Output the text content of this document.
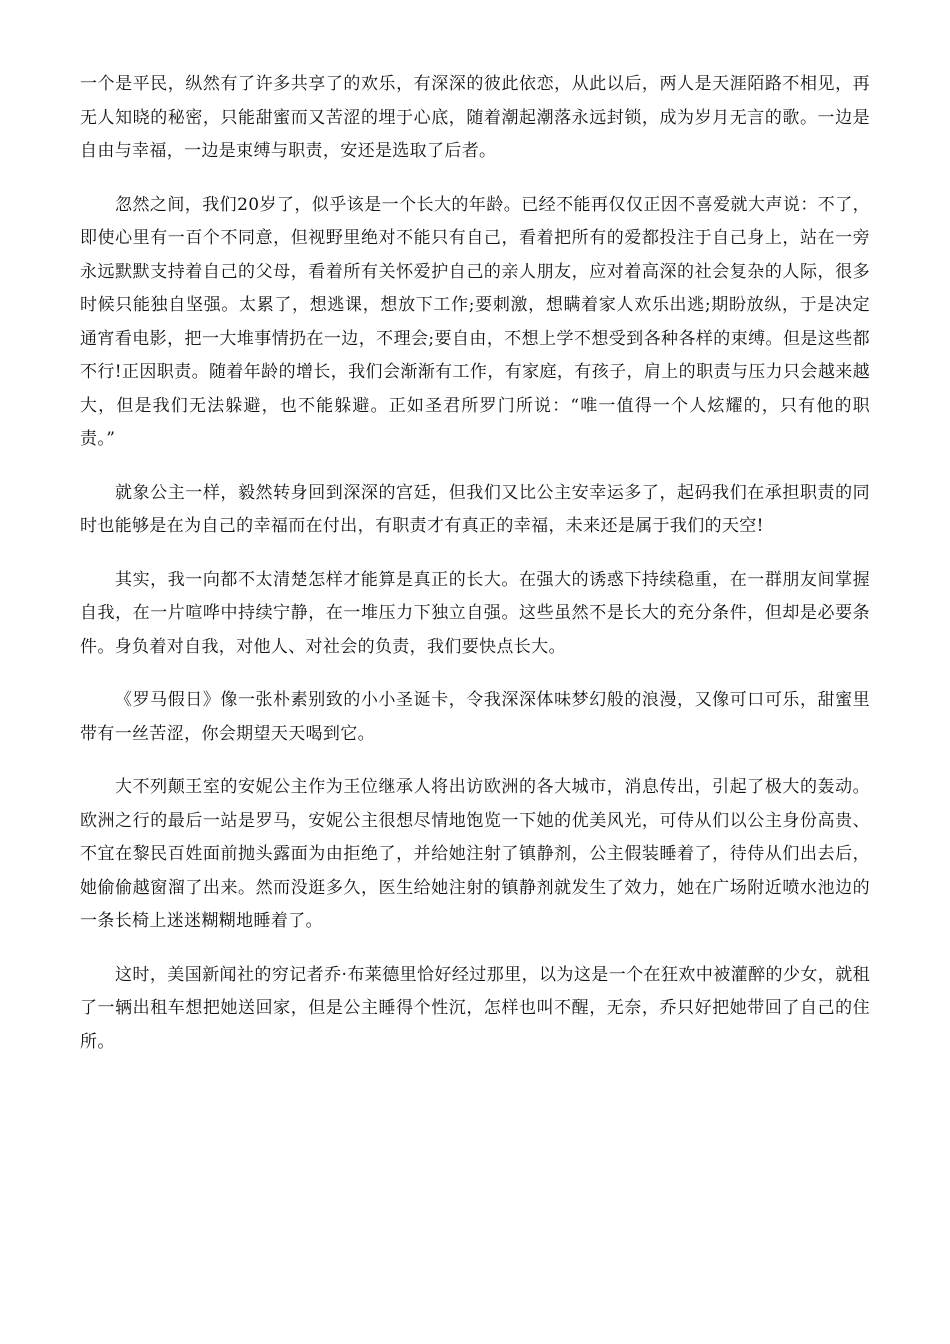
一个是平民，纵然有了许多共享了的欢乐，有深深的彼此依恋，从此以后，两人是天涯陌路不相见，再无人知晓的秘密，只能甜蜜而又苦涩的埋于心底，随着潮起潮落永远封锁，成为岁月无言的歌。一边是自由与幸福，一边是束缚与职责，安还是选取了后者。

忽然之间，我们20岁了，似乎该是一个长大的年龄。已经不能再仅仅正因不喜爱就大声说：不了，即使心里有一百个不同意，但视野里绝对不能只有自己，看着把所有的爱都投注于自己身上，站在一旁永远默默支持着自己的父母，看着所有关怀爱护自己的亲人朋友，应对着高深的社会复杂的人际，很多时候只能独自坚强。太累了，想逃课，想放下工作;要刺激，想瞒着家人欢乐出逃;期盼放纵，于是决定通宵看电影，把一大堆事情扔在一边，不理会;要自由，不想上学不想受到各种各样的束缚。但是这些都不行!正因职责。随着年龄的增长，我们会渐渐有工作，有家庭，有孩子，肩上的职责与压力只会越来越大，但是我们无法躲避，也不能躲避。正如圣君所罗门所说：“唯一值得一个人炫耀的，只有他的职责。”

就象公主一样，毅然转身回到深深的宫廷，但我们又比公主安幸运多了，起码我们在承担职责的同时也能够是在为自己的幸福而在付出，有职责才有真正的幸福，未来还是属于我们的天空!

其实，我一向都不太清楚怎样才能算是真正的长大。在强大的诱惑下持续稳重，在一群朋友间掌握自我，在一片喧哗中持续宁静，在一堆压力下独立自强。这些虽然不是长大的充分条件，但却是必要条件。身负着对自我，对他人、对社会的负责，我们要快点长大。

《罗马假日》像一张朴素别致的小小圣诞卡，令我深深体味梦幻般的浪漫，又像可口可乐，甜蜜里带有一丝苦涩，你会期望天天喝到它。

大不列颠王室的安妮公主作为王位继承人将出访欧洲的各大城市，消息传出，引起了极大的轰动。欧洲之行的最后一站是罗马，安妮公主很想尽情地饱览一下她的优美风光，可侍从们以公主身份高贵、不宜在黎民百姓面前抛头露面为由拒绝了，并给她注射了镇静剂，公主假装睡着了，待侍从们出去后，她偷偷越窗溜了出来。然而没逛多久，医生给她注射的镇静剂就发生了效力，她在广场附近喷水池边的一条长椅上迷迷糊糊地睡着了。

这时，美国新闻社的穷记者乔·布莱德里恰好经过那里，以为这是一个在狂欢中被灌醉的少女，就租了一辆出租车想把她送回家，但是公主睡得个性沉，怎样也叫不醒，无奈，乔只好把她带回了自己的住所。
